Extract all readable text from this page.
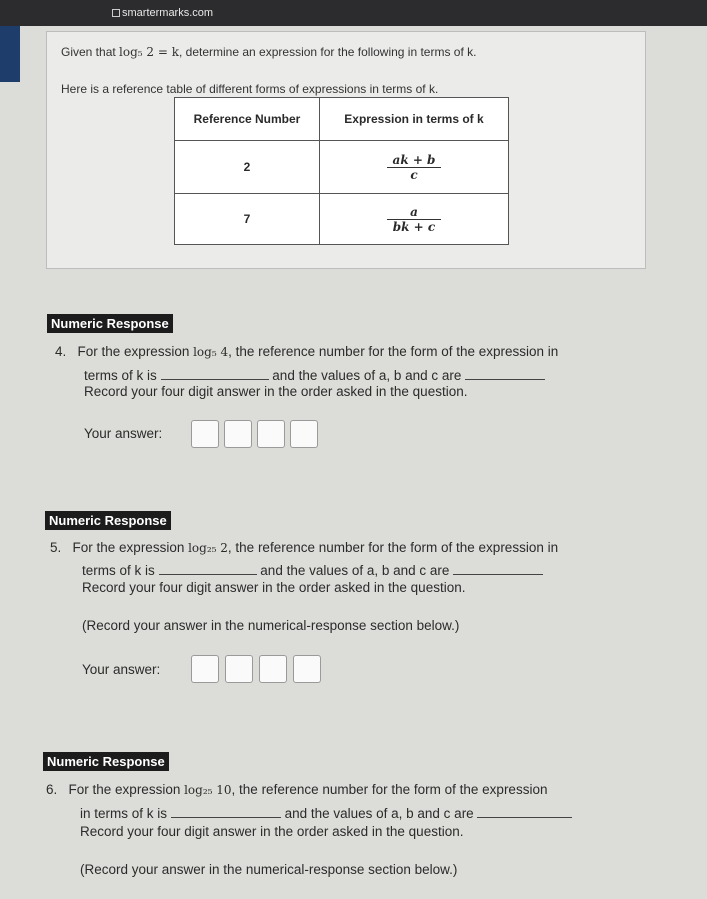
smartermarks.com
Given that log₅ 2 = k, determine an expression for the following in terms of k.
Here is a reference table of different forms of expressions in terms of k.
Reference Number	Expression in terms of k
2	$\frac{ak + b}{c}$

7	$\frac{a}{bk + c}$
Numeric Response
4. For the expression log₅ 4, the reference number for the form of the expression in
terms of k is	and the values of a, b and c are
Record your four digit answer in the order asked in the question.
Your answer:
Numeric Response
5. For the expression log₂₅ 2, the reference number for the form of the expression in
terms of k is	and the values of a, b and c are
Record your four digit answer in the order asked in the question.
(Record your answer in the numerical-response section below.)
Your answer:
Numeric Response
6. For the expression log₂₅ 10, the reference number for the form of the expression
in terms of k is	and the values of a, b and c are
Record your four digit answer in the order asked in the question.
(Record your answer in the numerical-response section below.)
